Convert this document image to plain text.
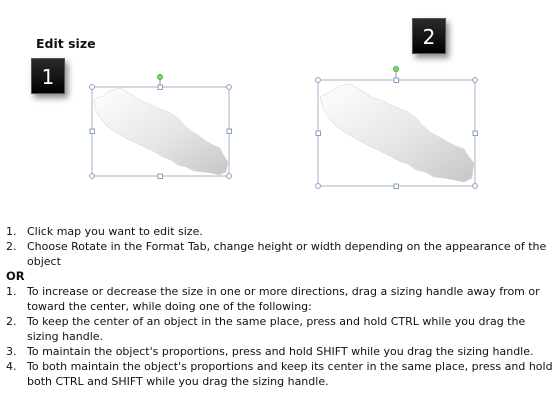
Edit size
1
2
1. Click map you want to edit size.
2. Choose Rotate in the Format Tab, change height or width depending on the appearance of the object

OR

1. To increase or decrease the size in one or more directions, drag a sizing handle away from or toward the center, while doing one of the following:
2. To keep the center of an object in the same place, press and hold CTRL while you drag the sizing handle.
3. To maintain the object's proportions, press and hold SHIFT while you drag the sizing handle.
4. To both maintain the object's proportions and keep its center in the same place, press and hold both CTRL and SHIFT while you drag the sizing handle.
